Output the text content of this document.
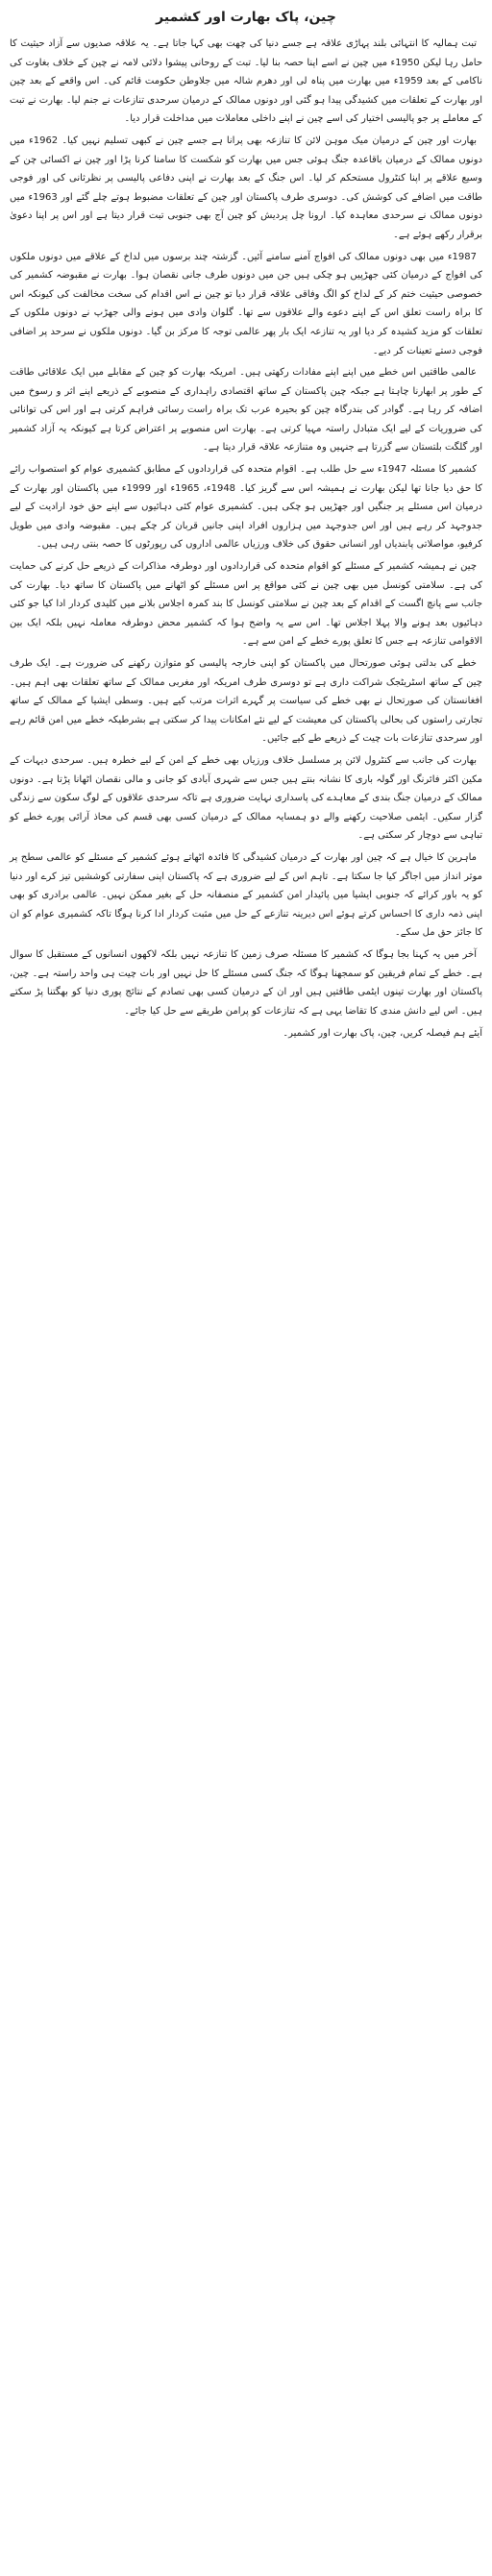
چین، پاک بھارت اور کشمیر

تبت ہمالیہ کا انتہائی بلند پہاڑی علاقہ ہے جسے دنیا کی چھت بھی کہا جاتا ہے۔ یہ علاقہ صدیوں سے آزاد حیثیت کا حامل رہا لیکن 1950ء میں چین نے اسے اپنا حصہ بنا لیا۔ تبت کے روحانی پیشوا دلائی لامہ نے چین کے خلاف بغاوت کی ناکامی کے بعد 1959ء میں بھارت میں پناہ لی اور دھرم شالہ میں جلاوطن حکومت قائم کی۔ اس واقعے کے بعد چین اور بھارت کے تعلقات میں کشیدگی پیدا ہو گئی اور دونوں ممالک کے درمیان سرحدی تنازعات نے جنم لیا۔ بھارت نے تبت کے معاملے پر جو پالیسی اختیار کی اسے چین نے اپنے داخلی معاملات میں مداخلت قرار دیا۔

بھارت اور چین کے درمیان میک موہن لائن کا تنازعہ بھی پرانا ہے جسے چین نے کبھی تسلیم نہیں کیا۔ 1962ء میں دونوں ممالک کے درمیان باقاعدہ جنگ ہوئی جس میں بھارت کو شکست کا سامنا کرنا پڑا اور چین نے اکسائی چن کے وسیع علاقے پر اپنا کنٹرول مستحکم کر لیا۔ اس جنگ کے بعد بھارت نے اپنی دفاعی پالیسی پر نظرثانی کی اور فوجی طاقت میں اضافے کی کوشش کی۔ دوسری طرف پاکستان اور چین کے تعلقات مضبوط ہوتے چلے گئے اور 1963ء میں دونوں ممالک نے سرحدی معاہدہ کیا۔ ارونا چل پردیش کو چین آج بھی جنوبی تبت قرار دیتا ہے اور اس پر اپنا دعویٰ برقرار رکھے ہوئے ہے۔

1987ء میں بھی دونوں ممالک کی افواج آمنے سامنے آئیں۔ گزشتہ چند برسوں میں لداخ کے علاقے میں دونوں ملکوں کی افواج کے درمیان کئی جھڑپیں ہو چکی ہیں جن میں دونوں طرف جانی نقصان ہوا۔ بھارت نے مقبوضہ کشمیر کی خصوصی حیثیت ختم کر کے لداخ کو الگ وفاقی علاقہ قرار دیا تو چین نے اس اقدام کی سخت مخالفت کی کیونکہ اس کا براہ راست تعلق اس کے اپنے دعوے والے علاقوں سے تھا۔ گلوان وادی میں ہونے والی جھڑپ نے دونوں ملکوں کے تعلقات کو مزید کشیدہ کر دیا اور یہ تنازعہ ایک بار پھر عالمی توجہ کا مرکز بن گیا۔ دونوں ملکوں نے سرحد پر اضافی فوجی دستے تعینات کر دیے۔

عالمی طاقتیں اس خطے میں اپنے اپنے مفادات رکھتی ہیں۔ امریکہ بھارت کو چین کے مقابلے میں ایک علاقائی طاقت کے طور پر ابھارنا چاہتا ہے جبکہ چین پاکستان کے ساتھ اقتصادی راہداری کے منصوبے کے ذریعے اپنے اثر و رسوخ میں اضافہ کر رہا ہے۔ گوادر کی بندرگاہ چین کو بحیرہ عرب تک براہ راست رسائی فراہم کرتی ہے اور اس کی توانائی کی ضروریات کے لیے ایک متبادل راستہ مہیا کرتی ہے۔ بھارت اس منصوبے پر اعتراض کرتا ہے کیونکہ یہ آزاد کشمیر اور گلگت بلتستان سے گزرتا ہے جنہیں وہ متنازعہ علاقہ قرار دیتا ہے۔

کشمیر کا مسئلہ 1947ء سے حل طلب ہے۔ اقوام متحدہ کی قراردادوں کے مطابق کشمیری عوام کو استصواب رائے کا حق دیا جانا تھا لیکن بھارت نے ہمیشہ اس سے گریز کیا۔ 1948ء، 1965ء اور 1999ء میں پاکستان اور بھارت کے درمیان اس مسئلے پر جنگیں اور جھڑپیں ہو چکی ہیں۔ کشمیری عوام کئی دہائیوں سے اپنے حق خود ارادیت کے لیے جدوجہد کر رہے ہیں اور اس جدوجہد میں ہزاروں افراد اپنی جانیں قربان کر چکے ہیں۔ مقبوضہ وادی میں طویل کرفیو، مواصلاتی پابندیاں اور انسانی حقوق کی خلاف ورزیاں عالمی اداروں کی رپورٹوں کا حصہ بنتی رہی ہیں۔

چین نے ہمیشہ کشمیر کے مسئلے کو اقوام متحدہ کی قراردادوں اور دوطرفہ مذاکرات کے ذریعے حل کرنے کی حمایت کی ہے۔ سلامتی کونسل میں بھی چین نے کئی مواقع پر اس مسئلے کو اٹھانے میں پاکستان کا ساتھ دیا۔ بھارت کی جانب سے پانچ اگست کے اقدام کے بعد چین نے سلامتی کونسل کا بند کمرہ اجلاس بلانے میں کلیدی کردار ادا کیا جو کئی دہائیوں بعد ہونے والا پہلا اجلاس تھا۔ اس سے یہ واضح ہوا کہ کشمیر محض دوطرفہ معاملہ نہیں بلکہ ایک بین الاقوامی تنازعہ ہے جس کا تعلق پورے خطے کے امن سے ہے۔

خطے کی بدلتی ہوئی صورتحال میں پاکستان کو اپنی خارجہ پالیسی کو متوازن رکھنے کی ضرورت ہے۔ ایک طرف چین کے ساتھ اسٹریٹجک شراکت داری ہے تو دوسری طرف امریکہ اور مغربی ممالک کے ساتھ تعلقات بھی اہم ہیں۔ افغانستان کی صورتحال نے بھی خطے کی سیاست پر گہرے اثرات مرتب کیے ہیں۔ وسطی ایشیا کے ممالک کے ساتھ تجارتی راستوں کی بحالی پاکستان کی معیشت کے لیے نئے امکانات پیدا کر سکتی ہے بشرطیکہ خطے میں امن قائم رہے اور سرحدی تنازعات بات چیت کے ذریعے طے کیے جائیں۔

بھارت کی جانب سے کنٹرول لائن پر مسلسل خلاف ورزیاں بھی خطے کے امن کے لیے خطرہ ہیں۔ سرحدی دیہات کے مکین اکثر فائرنگ اور گولہ باری کا نشانہ بنتے ہیں جس سے شہری آبادی کو جانی و مالی نقصان اٹھانا پڑتا ہے۔ دونوں ممالک کے درمیان جنگ بندی کے معاہدے کی پاسداری نہایت ضروری ہے تاکہ سرحدی علاقوں کے لوگ سکون سے زندگی گزار سکیں۔ ایٹمی صلاحیت رکھنے والے دو ہمسایہ ممالک کے درمیان کسی بھی قسم کی محاذ آرائی پورے خطے کو تباہی سے دوچار کر سکتی ہے۔

ماہرین کا خیال ہے کہ چین اور بھارت کے درمیان کشیدگی کا فائدہ اٹھاتے ہوئے کشمیر کے مسئلے کو عالمی سطح پر موثر انداز میں اجاگر کیا جا سکتا ہے۔ تاہم اس کے لیے ضروری ہے کہ پاکستان اپنی سفارتی کوششیں تیز کرے اور دنیا کو یہ باور کرائے کہ جنوبی ایشیا میں پائیدار امن کشمیر کے منصفانہ حل کے بغیر ممکن نہیں۔ عالمی برادری کو بھی اپنی ذمہ داری کا احساس کرتے ہوئے اس دیرینہ تنازعے کے حل میں مثبت کردار ادا کرنا ہوگا تاکہ کشمیری عوام کو ان کا جائز حق مل سکے۔

آخر میں یہ کہنا بجا ہوگا کہ کشمیر کا مسئلہ صرف زمین کا تنازعہ نہیں بلکہ لاکھوں انسانوں کے مستقبل کا سوال ہے۔ خطے کے تمام فریقین کو سمجھنا ہوگا کہ جنگ کسی مسئلے کا حل نہیں اور بات چیت ہی واحد راستہ ہے۔ چین، پاکستان اور بھارت تینوں ایٹمی طاقتیں ہیں اور ان کے درمیان کسی بھی تصادم کے نتائج پوری دنیا کو بھگتنا پڑ سکتے ہیں۔ اس لیے دانش مندی کا تقاضا یہی ہے کہ تنازعات کو پرامن طریقے سے حل کیا جائے۔

آیئے ہم فیصلہ کریں، چین، پاک بھارت اور کشمیر۔
